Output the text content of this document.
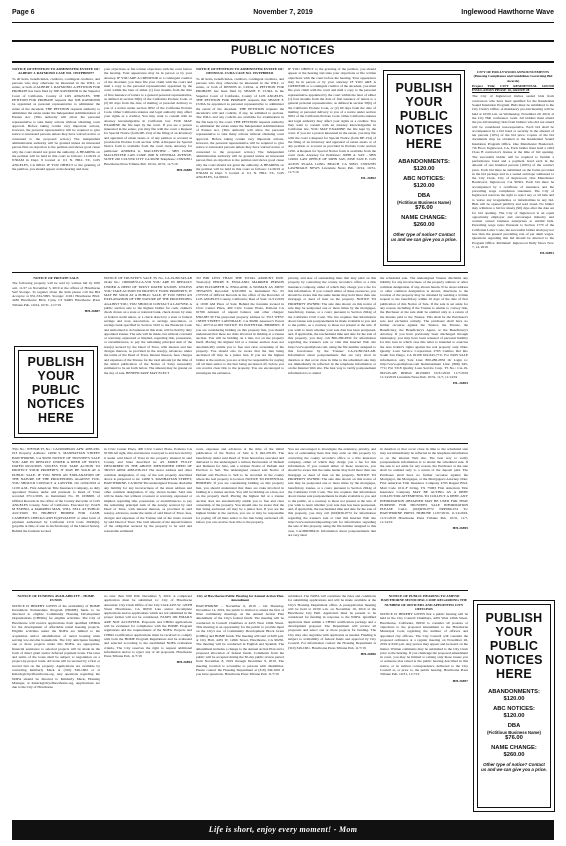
Page 6	November 7, 2019	Inglewood Hawthorne Wave
PUBLIC NOTICES

NOTICE OF PETITION TO ADMINISTER ESTATE OF: ALBERT J. RAYMOND CASE NO. 19STPB09477

To all heirs, beneficiaries, creditors, contingent creditors, and persons who may otherwise be interested in the WILL or estate, or both of ALBERT J. RAYMOND. A PETITION FOR PROBATE has been filed by JOE RAYMOND in the Superior Court of California, County of LOS ANGELES. THE PETITION FOR PROBATE requests that JOE RAYMOND be appointed as personal representative to administer the estate of the decedent. THE PETITION requests authority to administer the estate under the Independent Administration of Estates Act. (This authority will allow the personal representative to take many actions without obtaining court approval. Before taking certain very important actions, however, the personal representative will be required to give notice to interested persons unless they have waived notice or consented to the proposed action.) The independent administration authority will be granted unless an interested person files an objection to the petition and shows good cause why the court should not grant the authority. A HEARING on the petition will be held in this court as follows: 11/26/19 at 8:30AM in Dept. 9 located at 111 N. HILL ST., LOS ANGELES, CA 90012. IF YOU OBJECT to the granting of the petition, you should appear at the hearing and state

your objections or file written objections with the court before the hearing. Your appearance may be in person or by your attorney. IF YOU ARE A CREDITOR or a contingent creditor of the decedent, you must file your claim with the court and mail a copy to the personal representative appointed by the court within the later of either (1) four months from the date of first issuance of letters to a general personal representative, as defined in section 58(b) of the California Probate Code, or (2) 60 days from the date of mailing or personal delivery to you of a notice under section 9052 of the California Probate Code. Other California statutes and legal authority may affect your rights as a creditor. You may want to consult with an attorney knowledgeable in California law. YOU MAY EXAMINE the file kept by the court. If you are a person interested in the estate, you may file with the court a Request for Special Notice (form DE-154) of the filing of an inventory and appraisal of estate assets or of any petition or account as provided in Probate Code section 1250. A Request for Special Notice form is available from the court clerk. Attorney for petitioner: ANDREA G. MACLEISTER - SBN 152628 MACLEISTER LAW CORP 1600 N CENTRAL AVENUE, SUITE 240 CULVER CITY CA 90230 Telephone: CN932851 Hawthorne Press Tribune Pub. 10/24, 10/31, 11/7/19

HH-26889

NOTICE OF PETITION TO ADMINISTER ESTATE OF: DENNIS R. CUDA CASE NO. 19STPB09441

To all heirs, beneficiaries, creditors, contingent creditors, and persons who may otherwise be interested in the WILL or estate, or both of DENNIS R. CUDA. A PETITION FOR PROBATE has been filed by SHANE F. CUDA in the Superior Court of California, County of LOS ANGELES. THE PETITION FOR PROBATE requests that SHANE F. CUDA be appointed as personal representative to administer the estate of the decedent. THE PETITION requests the decedent's will and codicils, if any, be admitted to probate. The WILL and any codicils are available for examination in the file kept by the court. THE PETITION requests authority to administer the estate under the Independent Administration of Estates Act. (This authority will allow the personal representative to take many actions without obtaining court approval. Before taking certain very important actions, however, the personal representative will be required to give notice to interested persons unless they have waived notice or consented to the proposed action.) The independent administration authority will be granted unless an interested person files an objection to the petition and shows good cause why the court should not grant the authority. A HEARING on the petition will be held in this court as follows: 11/26/19 at 8:30AM in Dept. 5 located at 111 N. HILL ST., LOS ANGELES, CA 90012.

IF YOU OBJECT to the granting of the petition, you should appear at the hearing and state your objections or file written objections with the court before the hearing. Your appearance may be in person or by your attorney. IF YOU ARE A CREDITOR or a contingent creditor of the decedent, you must file your claim with the court and mail a copy to the personal representative appointed by the court within the later of either (1) four months from the date of first issuance of letters to a general personal representative, as defined in section 58(b) of the California Probate Code, or (2) 60 days from the date of mailing or personal delivery to you of a notice under section 9052 of the California Probate Code. Other California statutes and legal authority may affect your rights as a creditor. You may want to consult with an attorney knowledgeable in California law. YOU MAY EXAMINE the file kept by the court. If you are a person interested in the estate, you may file with the court a Request for Special Notice (form DE-154) of the filing of an inventory and appraisal of estate assets or of any petition or account as provided in Probate Code section 1250. A Request for Special Notice form is available from the court clerk. Attorney for Petitioner: JOHN A. SAY - SBN 119001 LAW OFFICE OF JOHN SAY, JOSE 5220 E. LOS ALTOS PLAZA LONG BEACH CA 90815 CN932785 LAWNDALE NEWS Lawndale News Pub. 10/24, 10/31, 11/7/19

HL-26892

PUBLISH
YOUR
PUBLIC
NOTICES
HERE
ABANDONMENTS:
$120.00
ABC NOTICES:
$120.00
DBA
(Fictitious Business Name)
$76.00
NAME CHANGE:
$260.00
Other type of notice? Contact us and we can give you a price.

CITY OF HOLLYWOOD ANNOUNCEMENTS (Housing Compliance and Guidelines Governing Bid Awards)

Project Title: CITY RESIDENTIAL SOUND INSULATION PHASE 16, GROUP 28

The City of Inglewood invites sealed bids from contractors who have been qualified for the Residential Sound Insulation Program. Bids must be submitted to the City Clerk's Office. A mandatory pre-bid meeting will be held at 10:00 a.m. on Wednesday, November 20, 2019, at the City Hall conference room. All bidders must attend the pre-bid meeting; bids from bidders who did not attend will be considered non-responsive. Each bid shall be accompanied by a bid bond or security in the amount of ten percent (10%) of the bid price. Copies of the bid documents may be obtained at the Residential Sound Insulation Program Office, One Manchester Boulevard, 7th Floor, Inglewood, CA. Each bidder must hold a valid Class B contractor's license at the time of bid opening. The successful bidder will be required to furnish a performance bond and a payment bond each in the amount of one hundred percent (100%) of the contract price. Each bid must be submitted on the forms provided in the bid package and in a sealed envelope addressed to the City Clerk, City of Inglewood, One Manchester Boulevard, Inglewood, CA 90301. Each bid must be accompanied by a certificate of insurance and the prevailing wage compliance statement. The City of Inglewood reserves the right to reject any or all bids and to waive any irregularities or informalities in any bid. Bids will be opened publicly and read aloud. No bidder may withdraw a bid for ninety (90) days after the date set for bid opening. The City of Inglewood is an equal opportunity employer and encourages minority and women owned business enterprises to submit bids. Prevailing wage rates: Pursuant to Section 1770 of the California Labor Code, the successful bidder shall pay not less than the general prevailing rate of per diem wages. Questions regarding this bid should be directed to the Program Office. Published: Inglewood Daily News Nov. 7, 14, 2019

HI-26891

NOTICE OF PRIVATE SALE

The following property will be sold by written bid by 9:00 a.m. 11/27 on November 5, 2019 at the offices of Hawthorne Self Storage. To register about the item please call the Bid Acceptor at 951-534-5995. Storage: 11921 Hawthorne Blvd. 4180 Hawthorne Blvd, Lynn, LT 94005 Hawthorne Press Tribune Pub. 10/24, 10/31, 11/7/19

HH-26887

PUBLISH
YOUR
PUBLIC
NOTICES
HERE

NOTICE OF TRUSTEE'S SALE TS No. CA-19-861543-AB Order No.: 190604870-CA-VOI YOU ARE IN DEFAULT UNDER A DEED OF TRUST DATED 6/3/2005. UNLESS YOU TAKE ACTION TO PROTECT YOUR PROPERTY, IT MAY BE SOLD AT A PUBLIC SALE. IF YOU NEED AN EXPLANATION OF THE NATURE OF THE PROCEEDING AGAINST YOU, YOU SHOULD CONTACT A LAWYER. A public auction sale to the highest bidder for cash, cashier's check drawn on a state or national bank, check drawn by state or federal credit union, or a check drawn by a state or federal savings and loan association, or savings association, or savings bank specified in Section 5102 to the Financial Code and authorized to do business in this state, will be held by duly appointed trustee. The sale will be made, but without covenant or warranty, expressed or implied, regarding title, possession, or encumbrances, to pay the remaining principal sum of the note(s) secured by the Deed of Trust, with interest and late charges thereon, as provided in the note(s), advances, under the terms of the Deed of Trust, interest thereon, fees, charges and expenses of the Trustee for the total amount (at the time of the initial publication of the Notice of Sale) reasonably estimated to be set forth below. The amount may be greater on the day of sale. BENEFICIARY MAY ELECT

TO BID LESS THAN THE TOTAL AMOUNT DUE. Trustor(s): PERRY E. ENGLAND, MARRIED PERSON AND ELIZABETH A. ENGLAND, A WOMAN AS JOINT TENANTS Recorded: 6/10/2005 as Instrument No. 05 1375533 of Official Records in the office of the Recorder of LOS ANGELES County, California; Date of Sale: 11/21/2019 at 10:00 AM Place of Sale: Behind the fountain located in Civic Center Plaza, 400 Civic Center Plaza, Pomona CA 91766 Amount of unpaid balance and other charges: $392,887.30 The purported property address is: 3513 WEST 158TH STREET LAWNDALE, CA 90260 Assessor's Parcel No.: 4077-012-003 NOTICE TO POTENTIAL BIDDERS: If you are considering bidding on this property lien, you should understand that there are risks involved in bidding at a trustee auction. You will be bidding on a lien, not on the property itself. Placing the highest bid at a trustee auction does not automatically entitle you to free and clear ownership of the property. You should also be aware that the lien being auctioned off may be a junior lien. If you are the highest bidder at the auction, you are or may be responsible for paying off all liens senior to the lien being auctioned off, before you can receive clear title to the property. You are encouraged to investigate the existence,

priority, and size of outstanding liens that may exist on this property by contacting the county recorder's office or a title insurance company, either of which may charge you a fee for this information. If you consult either of these resources, you should be aware that the same lender may hold more than one mortgage or deed of trust on the property. NOTICE TO PROPERTY OWNER: The sale date shown on this notice of sale may be postponed one or more times by the mortgagee, beneficiary, trustee, or a court, pursuant to Section 2924g of the California Civil Code. The law requires that information about trustee sale postponements be made available to you and to the public, as a courtesy to those not present at the sale. If you wish to learn whether your sale date has been postponed, and, if applicable, the rescheduled time and date for the sale of this property, you may call 800-280-2832 for information regarding the trustee's sale or visit this Internet Web site http://www.qualityloan.com, using the file number assigned to this foreclosure by the Trustee: CA-19-861543-AB. Information about postponements that are very short in duration or that occur close in time to the scheduled sale may not immediately be reflected in the telephone information or on the Internet Web site. The best way to verify postponement information is to attend

the scheduled sale. The undersigned Trustee disclaims any liability for any incorrectness of the property address or other common designation, if any, shown herein. If no street address or other common designation is shown, directions to the location of the property may be obtained by sending a written request to the beneficiary within 10 days of the date of first publication of this Notice of Sale. If the sale is set aside for any reason, including if the Trustee is unable to convey title, the Purchaser at the sale shall be entitled only to a return of the monies paid to the Trustee. This shall be the Purchaser's sole and exclusive remedy. The purchaser shall have no further recourse against the Trustor, the Trustee, the Beneficiary, the Beneficiary's Agent, or the Beneficiary's Attorney. If you have previously been discharged through bankruptcy, you may have been released of personal liability for this loan in which case this letter is intended to exercise the note holder's rights against the real property only. Date: Quality Loan Service Corporation 2763 Camino Del Rio South San Diego, CA 92108 619-645-7711 For NON SALE information only Sale Line: 800-280-2832 Or Login to: http://www.qualityloan.com Reinstatement Line: (866) 645-7711 Ext 5318 Quality Loan Service Corp. TS No.: CA-19-861543-AB IDSPub #0159463 10/31/2019 11/7/2019 11/14/2019 Lawndale News Pub. 10/31, 11/7, 11/14/19

HL-26893

TSG No.: 8787848 TS No.: CA1900286410 APN: 4083-036-013 Property Address: 14930 S. MANHATTAN STREET HAWTHORNE, CA 90250 NOTICE OF TRUSTEE'S SALE YOU ARE IN DEFAULT UNDER A DEED OF TRUST, DATED 06/22/2005. UNLESS YOU TAKE ACTION TO PROTECT YOUR PROPERTY, IT MAY BE SOLD AT A PUBLIC SALE. IF YOU NEED AN EXPLANATION OF THE NATURE OF THE PROCEEDING AGAINST YOU, YOU SHOULD CONTACT A LAWYER. On 12/04/2019 at 11:00 A.M., First American Title Insurance Company, as duly appointed Trustee under and pursuant to Deed of Trust recorded 07/11/2005, as Instrument No. 05 1636608, of Official Records in the office of the County Recorder of LOS ANGELES County, State of California. Executed by: JUAN M ESPINO, A MARRIED MAN, WILL SELL AT PUBLIC AUCTION TO HIGHEST BIDDER FOR CASH, CASHIER'S CHECK/CASH EQUIVALENT or other form of payment authorized by California Civil Code 2924h(b), (payable at time of sale in lawful money of the United States). Behind the fountain located

in Civic Center Plaza, 400 Civic Center Plaza, Pomona CA 91766 All right, title and interest conveyed to and now held by it under said Deed of Trust in the property situated in said County and State described as: AS MORE FULLY DESCRIBED IN THE ABOVE MENTIONED DEED OF TRUST APN# 4083-036-013 The street address and other common designation, if any, of the real property described above is purported to be: 14930 S. MANHATTAN STREET, HAWTHORNE, CA 90250 The undersigned Trustee disclaims any liability for any incorrectness of the street address and other common designation, if any, shown herein. Said sale will be made, but without covenant or warranty, expressed or implied, regarding title, possession, or encumbrances, to pay the remaining principal sum of the note(s) secured by said Deed of Trust, with interest thereon, as provided in said note(s), advances, under the terms of said Deed of Trust, fees, charges and expenses of the Trustee and of the trusts created by said Deed of Trust. The total amount of the unpaid balance of the obligation secured by the property to be sold and reasonable estimated

costs, expenses and advances at the time of the initial publication of the Notice of Sale is $ 492,470.83. The beneficiary under said Deed of Trust heretofore executed and delivered to the undersigned a written Declaration of Default and Demand for Sale, and a written Notice of Default and Election to Sell. The undersigned caused said Notice of Default and Election to Sell to be recorded in the county where the real property is located. NOTICE TO POTENTIAL BIDDERS: If you are considering bidding on this property lien, you should understand that there are risks involved in bidding at a trustee auction. You will be bidding on a lien, not on the property itself. Placing the highest bid at a trustee auction does not automatically entitle you to free and clear ownership of the property. You should also be aware that the lien being auctioned off may be a junior lien. If you are the highest bidder at the auction, you are or may be responsible for paying off all liens senior to the lien being auctioned off, before you can receive clear title to the property.

You are encouraged to investigate the existence, priority, and size of outstanding liens that may exist on this property by contacting the county recorder's office or a title insurance company, either of which may charge you a fee for this information. If you consult either of these resources, you should be aware that the same lender may hold more than one mortgage or deed of trust on the property. NOTICE TO PROPERTY OWNER: The sale date shown on this notice of sale may be postponed one or more times by the mortgagee, beneficiary, trustee, or a court, pursuant to Section 2924g of the California Civil Code. The law requires that information about trustee sale postponements be made available to you and to the public, as a courtesy to those not present at the sale. If you wish to learn whether your sale date has been postponed, and, if applicable, the rescheduled time and date for the sale of this property, you may call (916)939-0772 for information regarding the trustee's sale or visit this Internet Web site http://www.nationwideposting.com for information regarding the sale of this property, using the file number assigned to this case, CA1900286410. Information about postponements that are very short

in duration or that occur close in time to the scheduled sale may not immediately be reflected in the telephone information or on the internet Web site. The best way to verify postponement information is to attend the scheduled sale. If the sale is set aside for any reason, the Purchaser at the sale shall be entitled only to a return of the deposit paid. The Purchaser shall have no further recourse against the Mortgagor, the Mortgagee, or the Mortgagee's Attorney. Date: First American Title Insurance Company 4795 Regent Blvd, Mail Code 1011-F Irving, TX 75063 First American Title Insurance Company MAY BE ACTING AS A DEBT COLLECTOR ATTEMPTING TO COLLECT A DEBT. ANY INFORMATION OBTAINED MAY BE USED FOR THAT PURPOSE FOR TRUSTEES SALE INFORMATION PLEASE CALL (916)939-0772 NPP0361474 To: HAWTHORNE PRESS TRIBUNE 11/07/2019, 11/14/2019, 11/21/2019 Hawthorne Press Tribune Pub. 10/31, 11/7, 11/14/19

HH-26895

NOTICE OF FUNDING AVAILABILITY – HOME FUNDS

NOTICE IS HEREBY GIVEN of the availability of HOME Investment Partnerships Program (HOME) funds to be allocated to eligible Community Housing Development Organizations (CHDOs) for eligible activities. The City of Hawthorne will receive applications from qualified CHDOs for the development of affordable rental housing projects. Eligible activities under the NOFA are limited to the acquisition and/or rehabilitation of rental housing units serving low-income households. The City anticipates funding one or more projects under this NOFA. As appropriate, financial assistance to selected projects will be made in the form of direct grant and/or deferred payment loans. The rates and terms of the loans shall be subject to negotiation on a project-by-project basis. All loans will be secured by a first or second lien on the property. Applications are available by contacting Kimberly Mack at (310) 349-1602 or at Kmack@cityofhawthorne.org. Any questions regarding the NOFA should be directed to Kimberly Mack, Housing Manager, at Kmack@cityofhawthorne.org. Applications are due to the City of Hawthorne

no later than 3:00 P.M. December 5, 2019. A completed application must be submitted to: City of Hawthorne Attention: City Clerk Office of the City Clerk 4455 W. 126TH Street Hawthorne, CA 90250 Late and/or incomplete applications and/or applications which are not submitted in the proper format will not be considered. FAXES OR EMAILS ARE NOT ACCEPTED. Proposals and CHDO applications will be evaluated for compliance with the HOME Program regulations and the requirements of the NOFA. Projects and CHDO Certification applications must be received to comply with both the HOME Program Regulations and be evaluated and selected according to the established NOFA evaluation criteria. The City reserves the right to request additional information and/or to reject any or all proposals. Hawthorne Press Tribune Pub. 11/7/19

HH-26894

City of Hawthorne Public Hearing for Annual Action Plan Amendment

HAWTHORNE – November 6, 2019 – On Thursday, November 14, 2019, the public is invited to attend the first of three community meetings on the Annual Action Plan amendment of the City's federal funds. The meeting will be conducted in Council Chambers at 4455 West 126th Street. This meeting is an opportunity for the public to provide input on the City's use of Community Development Block Grant (CDBG) and HOME funds. The meeting will start at 6:00 p.m. at City Hall, 4455 W. 126th Street, Hawthorne, CA 90250. The meeting will be conducted in English and Spanish. The amendment includes a change to the Annual Action Plan and a proposed allocation of federal funds. Comments from the public will be accepted during the 30-day public review period from November 8, 2019 through December 9, 2019. The meeting location is accessible to persons with disabilities. Please contact the Housing Department at (310) 349-1601 if you have questions. Hawthorne Press Tribune Pub. 11/7/19

submitted. The NOFA will constitute the rules and conditions for submitting applications and will be made available at the City's Housing Department office. A preapplication meeting will be held at 10:00 a.m. on November 19, 2019 at the Hawthorne City Hall. Applicants must be present to be considered for funding in response to the NOFA. Qualified applicants must submit a CHDO certification package and a development proposal. The Department will review all proposals and select one or more projects for funding. The City may also negotiate with applicants as needed. Funding is subject to availability of federal funds and approval by City Council. For information contact the Housing Department at (310) 349-1601. Hawthorne Press Tribune Pub. 11/7/19

HH-26896

NOTICE OF PUBLIC HEARING TO AMEND HAWTHORNE MUNICIPAL CODE REGARDING THE NUMBER OF OFFICERS AND APPOINTED CITY OFFICERS

NOTICE IS HEREBY GIVEN that a public hearing will be held in the City Council Chambers, 4455 West 126th Street, Hawthorne, California, 90250 to consider all protests or objections to the proposed amendment to the Hawthorne Municipal Code regarding the number of officers and appointed city officers. The City Council will consider the proposed ordinance at a regular meeting on November 26, 2019 at 6:00 p.m. Any person may appear and be heard on the matter. Written comments may be submitted to the City Clerk prior to the hearing. If you challenge the proposed amendment in court, you may be limited to raising only those issues you or someone else raised at the public hearing described in this notice, or in written correspondence delivered to the City Council at, or prior to, the public hearing. Hawthorne Press Tribune Pub. 10/31, 11/7/19

HH-26897

PUBLISH
YOUR
PUBLIC
NOTICES
HERE
ABANDONMENTS:
$120.00
ABC NOTICES:
$120.00
DBA
(Fictitious Business Name)
$76.00
NAME CHANGE:
$260.00
Other type of notice? Contact us and we can give you a price.
Life is short, enjoy every moment! - Mom
